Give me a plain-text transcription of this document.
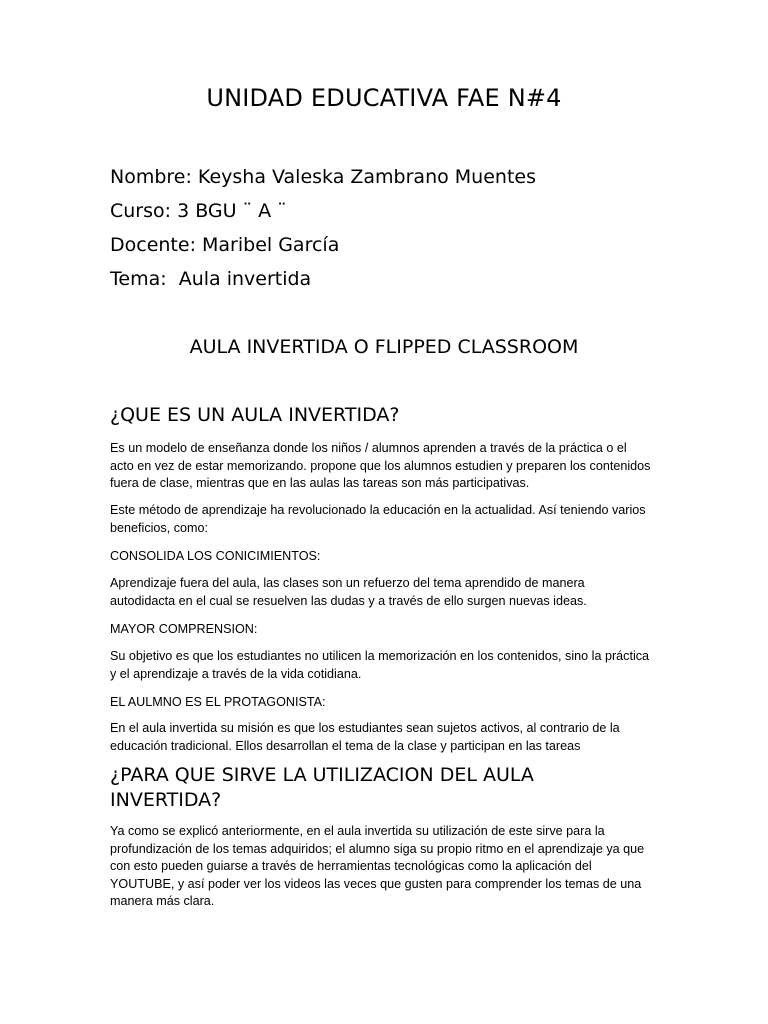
UNIDAD EDUCATIVA FAE N#4
Nombre: Keysha Valeska Zambrano Muentes
Curso: 3 BGU ¨ A ¨
Docente: Maribel García
Tema:  Aula invertida
AULA INVERTIDA O FLIPPED CLASSROOM
¿QUE ES UN AULA INVERTIDA?

Es un modelo de enseñanza donde los niños / alumnos aprenden a través de la práctica o el acto en vez de estar memorizando. propone que los alumnos estudien y preparen los contenidos fuera de clase, mientras que en las aulas las tareas son más participativas.

Este método de aprendizaje ha revolucionado la educación en la actualidad. Así teniendo varios beneficios, como:

CONSOLIDA LOS CONICIMIENTOS:

Aprendizaje fuera del aula, las clases son un refuerzo del tema aprendido de manera autodidacta en el cual se resuelven las dudas y a través de ello surgen nuevas ideas.

MAYOR COMPRENSION:

Su objetivo es que los estudiantes no utilicen la memorización en los contenidos, sino la práctica y el aprendizaje a través de la vida cotidiana.

EL AULMNO ES EL PROTAGONISTA:

En el aula invertida su misión es que los estudiantes sean sujetos activos, al contrario de la educación tradicional. Ellos desarrollan el tema de la clase y participan en las tareas

¿PARA QUE SIRVE LA UTILIZACION DEL AULA INVERTIDA?

Ya como se explicó anteriormente, en el aula invertida su utilización de este sirve para la profundización de los temas adquiridos; el alumno siga su propio ritmo en el aprendizaje ya que con esto pueden guiarse a través de herramientas tecnológicas como la aplicación del YOUTUBE, y así poder ver los videos las veces que gusten para comprender los temas de una manera más clara.
